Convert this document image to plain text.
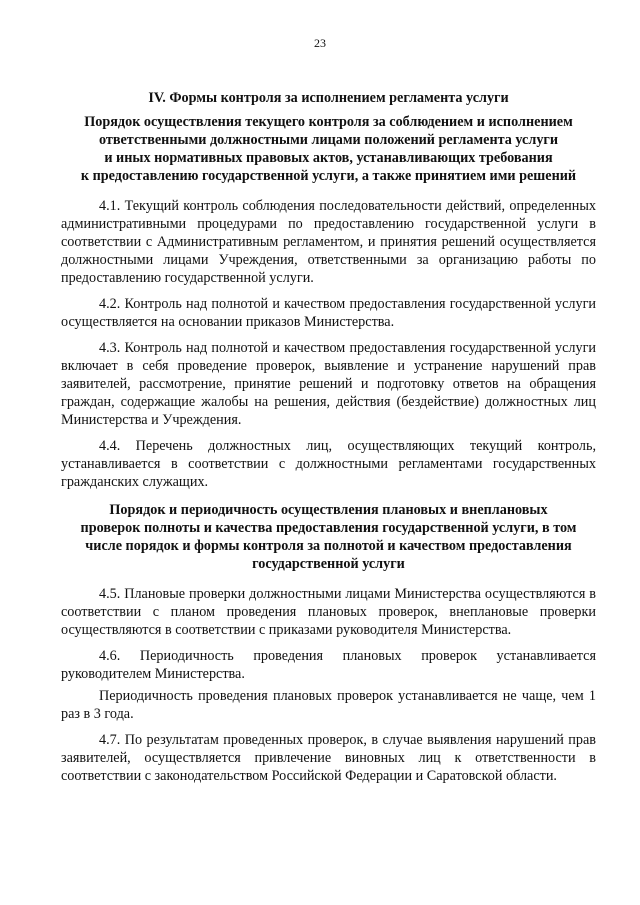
23
IV. Формы контроля за исполнением регламента услуги
Порядок осуществления текущего контроля за соблюдением и исполнением
ответственными должностными лицами положений регламента услуги
и иных нормативных правовых актов, устанавливающих требования
к предоставлению государственной услуги, а также принятием ими решений

4.1. Текущий контроль соблюдения последовательности действий, определенных административными процедурами по предоставлению государственной услуги в соответствии с Административным регламентом, и принятия решений осуществляется должностными лицами Учреждения, ответственными за организацию работы по предоставлению государственной услуги.

4.2. Контроль над полнотой и качеством предоставления государственной услуги осуществляется на основании приказов Министерства.

4.3. Контроль над полнотой и качеством предоставления государственной услуги включает в себя проведение проверок, выявление и устранение нарушений прав заявителей, рассмотрение, принятие решений и подготовку ответов на обращения граждан, содержащие жалобы на решения, действия (бездействие) должностных лиц Министерства и Учреждения.

4.4. Перечень должностных лиц, осуществляющих текущий контроль, устанавливается в соответствии с должностными регламентами государственных гражданских служащих.

Порядок и периодичность осуществления плановых и внеплановых
проверок полноты и качества предоставления государственной услуги, в том
числе порядок и формы контроля за полнотой и качеством предоставления
государственной услуги

4.5. Плановые проверки должностными лицами Министерства осуществляются в соответствии с планом проведения плановых проверок, внеплановые проверки осуществляются в соответствии с приказами руководителя Министерства.

4.6. Периодичность проведения плановых проверок устанавливается руководителем Министерства.

Периодичность проведения плановых проверок устанавливается не чаще, чем 1 раз в 3 года.

4.7. По результатам проведенных проверок, в случае выявления нарушений прав заявителей, осуществляется привлечение виновных лиц к ответственности в соответствии с законодательством Российской Федерации и Саратовской области.
